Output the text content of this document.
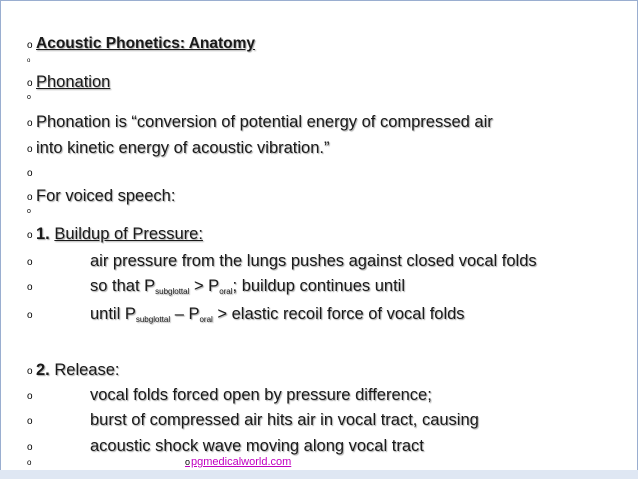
o Acoustic Phonetics: Anatomy
o
o Phonation
o
o Phonation is “conversion of potential energy of compressed air
o into kinetic energy of acoustic vibration.”
o
o For voiced speech:
o
o 1. Buildup of Pressure:
o	air pressure from the lungs pushes against closed vocal folds
o	so that $P_{subglottal} > P_{oral}$; buildup continues until
o	until $P_{subglottal} - P_{oral}$ > elastic recoil force of vocal folds
o 2. Release:
o	vocal folds forced open by pressure difference;
o	burst of compressed air hits air in vocal tract, causing
o	acoustic shock wave moving along vocal tract
o	opgmedicalworld.com
